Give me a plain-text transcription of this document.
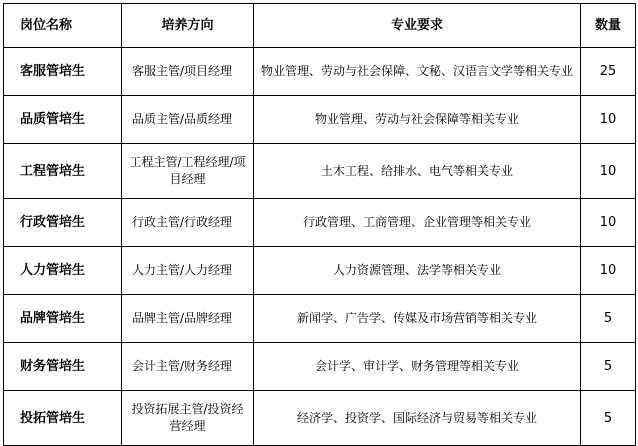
岗位名称	培养方向	专业要求	数量
客服管培生	客服主管/项目经理	物业管理、劳动与社会保障、文秘、汉语言文学等相关专业	25
品质管培生	品质主管/品质经理	物业管理、劳动与社会保障等相关专业	10
工程管培生	工程主管/工程经理/项目经理	土木工程、给排水、电气等相关专业	10
行政管培生	行政主管/行政经理	行政管理、工商管理、企业管理等相关专业	10
人力管培生	人力主管/人力经理	人力资源管理、法学等相关专业	10
品牌管培生	品牌主管/品牌经理	新闻学、广告学、传媒及市场营销等相关专业	5
财务管培生	会计主管/财务经理	会计学、审计学、财务管理等相关专业	5
投拓管培生	投资拓展主管/投资经营经理	经济学、投资学、国际经济与贸易等相关专业	5
